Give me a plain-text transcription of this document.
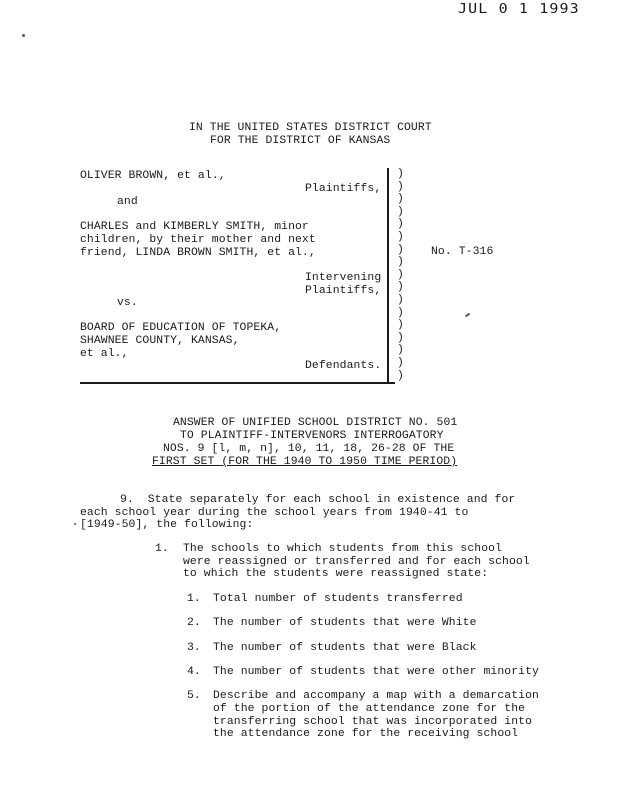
JUL 0 1 1993
IN THE UNITED STATES DISTRICT COURT
FOR THE DISTRICT OF KANSAS
OLIVER BROWN, et al.,
Plaintiffs,
and
CHARLES and KIMBERLY SMITH, minor
children, by their mother and next
friend, LINDA BROWN SMITH, et al.,
Intervening
Plaintiffs,
vs.
BOARD OF EDUCATION OF TOPEKA,
SHAWNEE COUNTY, KANSAS,
et al.,
Defendants.
)
)
)
)
)
)
)
)
)
)
)
)
)
)
)
)
)
No. T-316
ANSWER OF UNIFIED SCHOOL DISTRICT NO. 501
TO PLAINTIFF-INTERVENORS INTERROGATORY
NOS. 9 [l, m, n], 10, 11, 18, 26-28 OF THE
FIRST SET (FOR THE 1940 TO 1950 TIME PERIOD)
9.  State separately for each school in existence and for
each school year during the school years from 1940-41 to
[1949-50], the following:
1. The schools to which students from this school
were reassigned or transferred and for each school
to which the students were reassigned state:
1. Total number of students transferred
2. The number of students that were White
3. The number of students that were Black
4. The number of students that were other minority
5. Describe and accompany a map with a demarcation
of the portion of the attendance zone for the
transferring school that was incorporated into
the attendance zone for the receiving school
